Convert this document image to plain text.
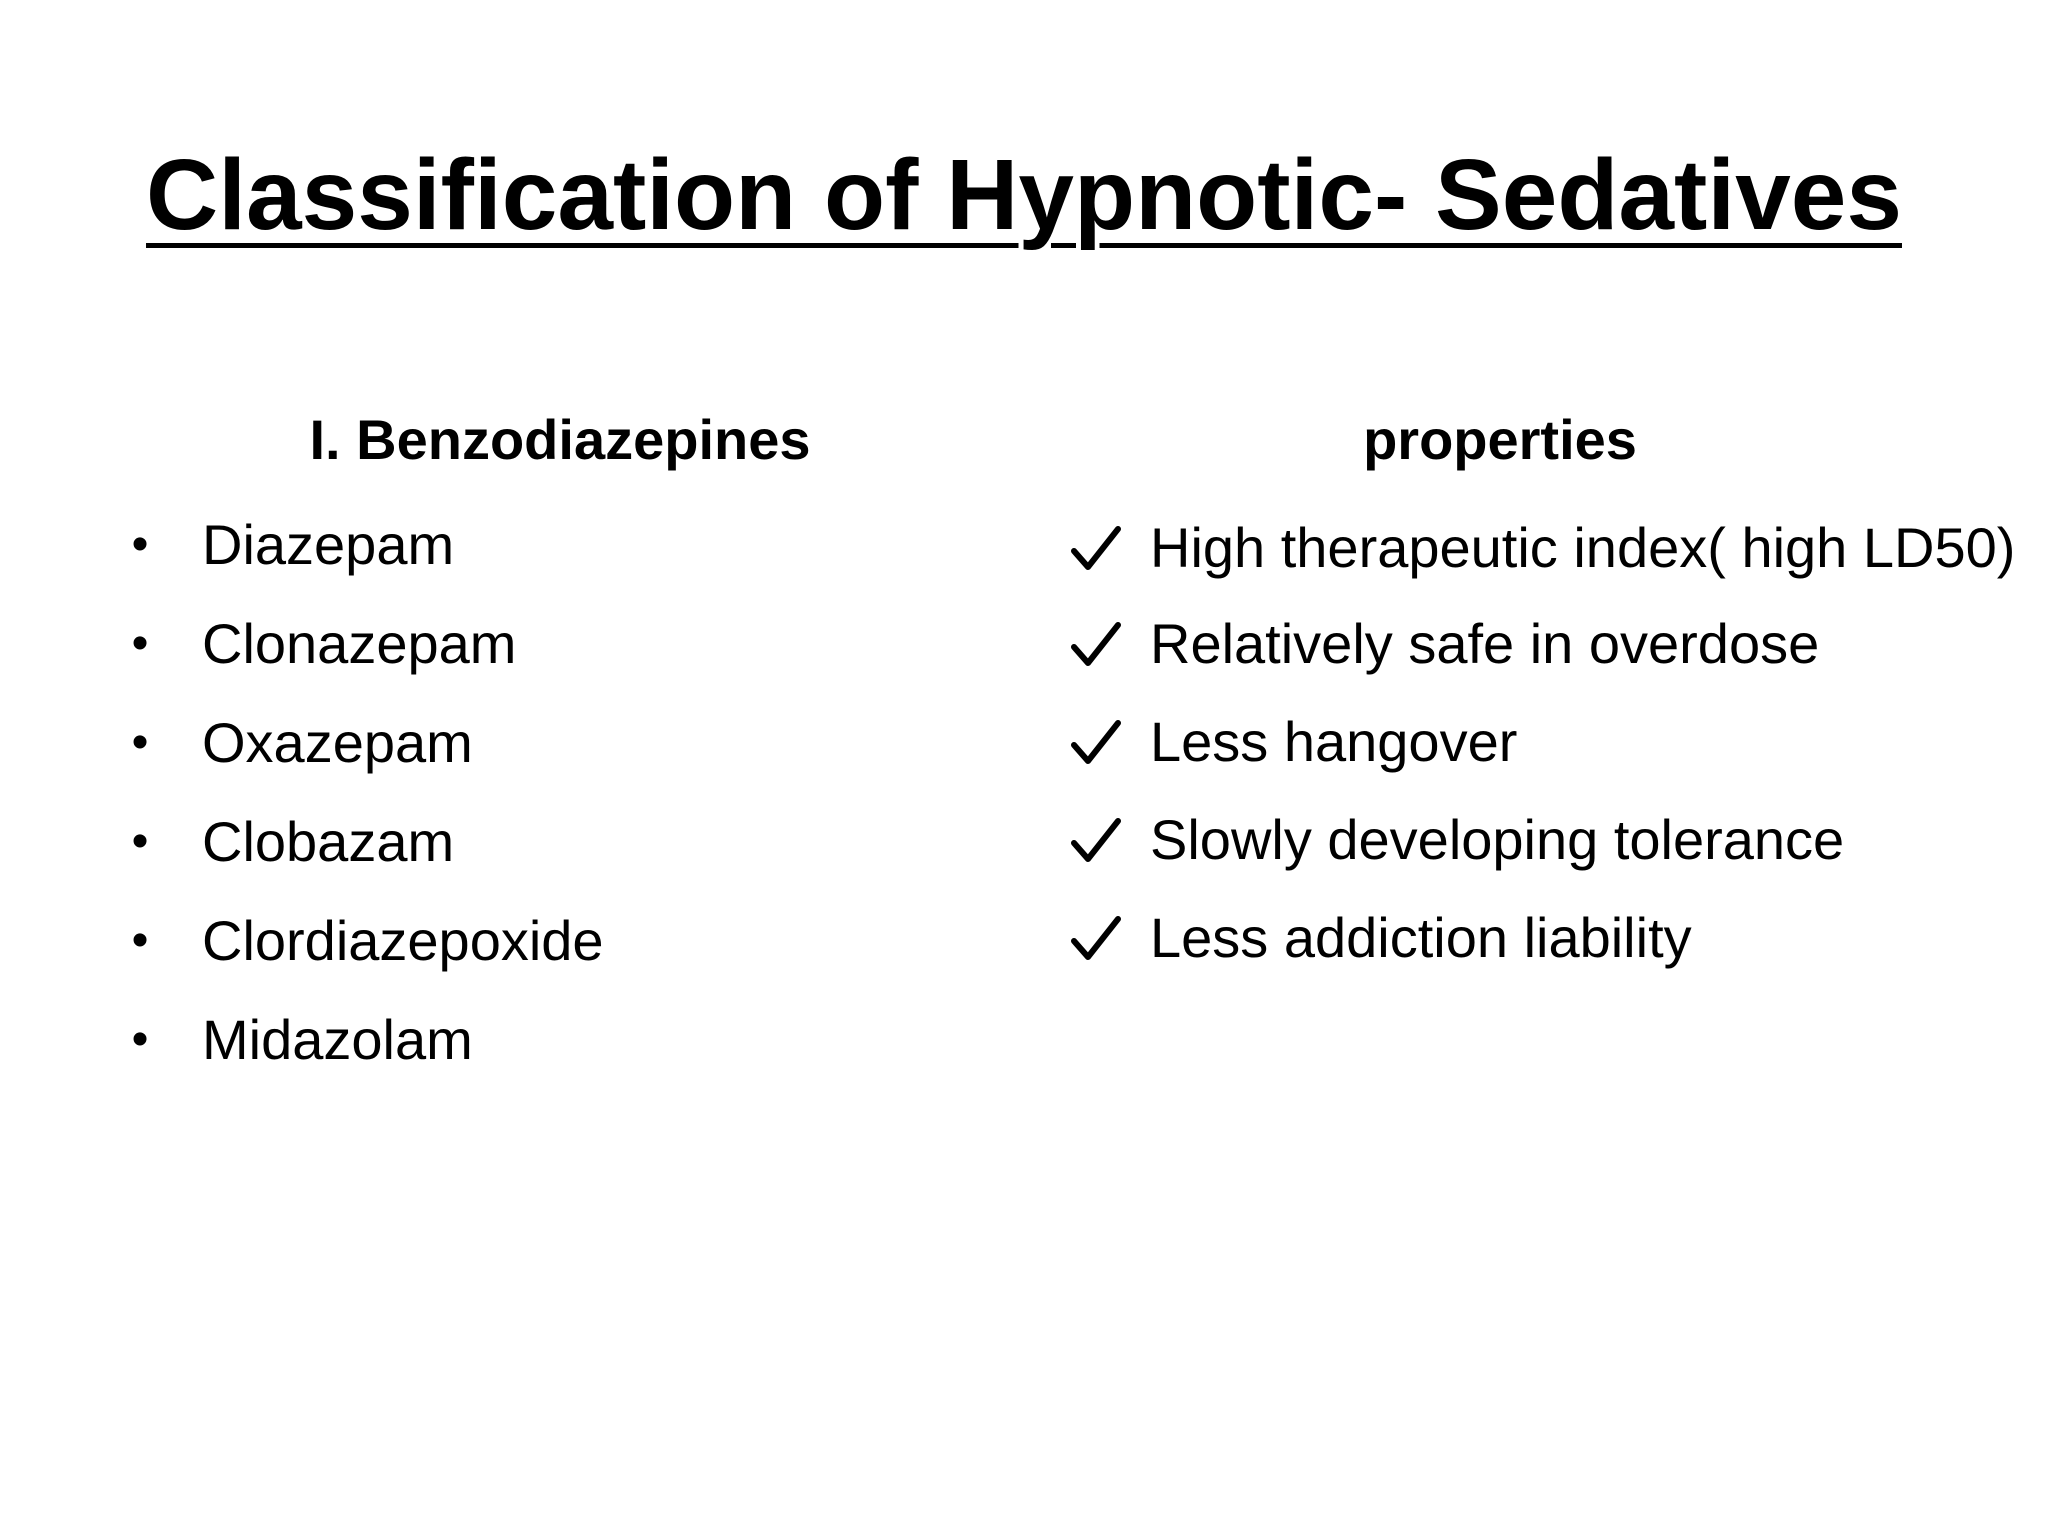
Classification of Hypnotic- Sedatives
I. Benzodiazepines	properties
• Diazepam
• Clonazepam
• Oxazepam
• Clobazam
• Clordiazepoxide
• Midazolam
High therapeutic index( high LD50)
Relatively safe in overdose
Less hangover
Slowly developing tolerance
Less addiction liability
